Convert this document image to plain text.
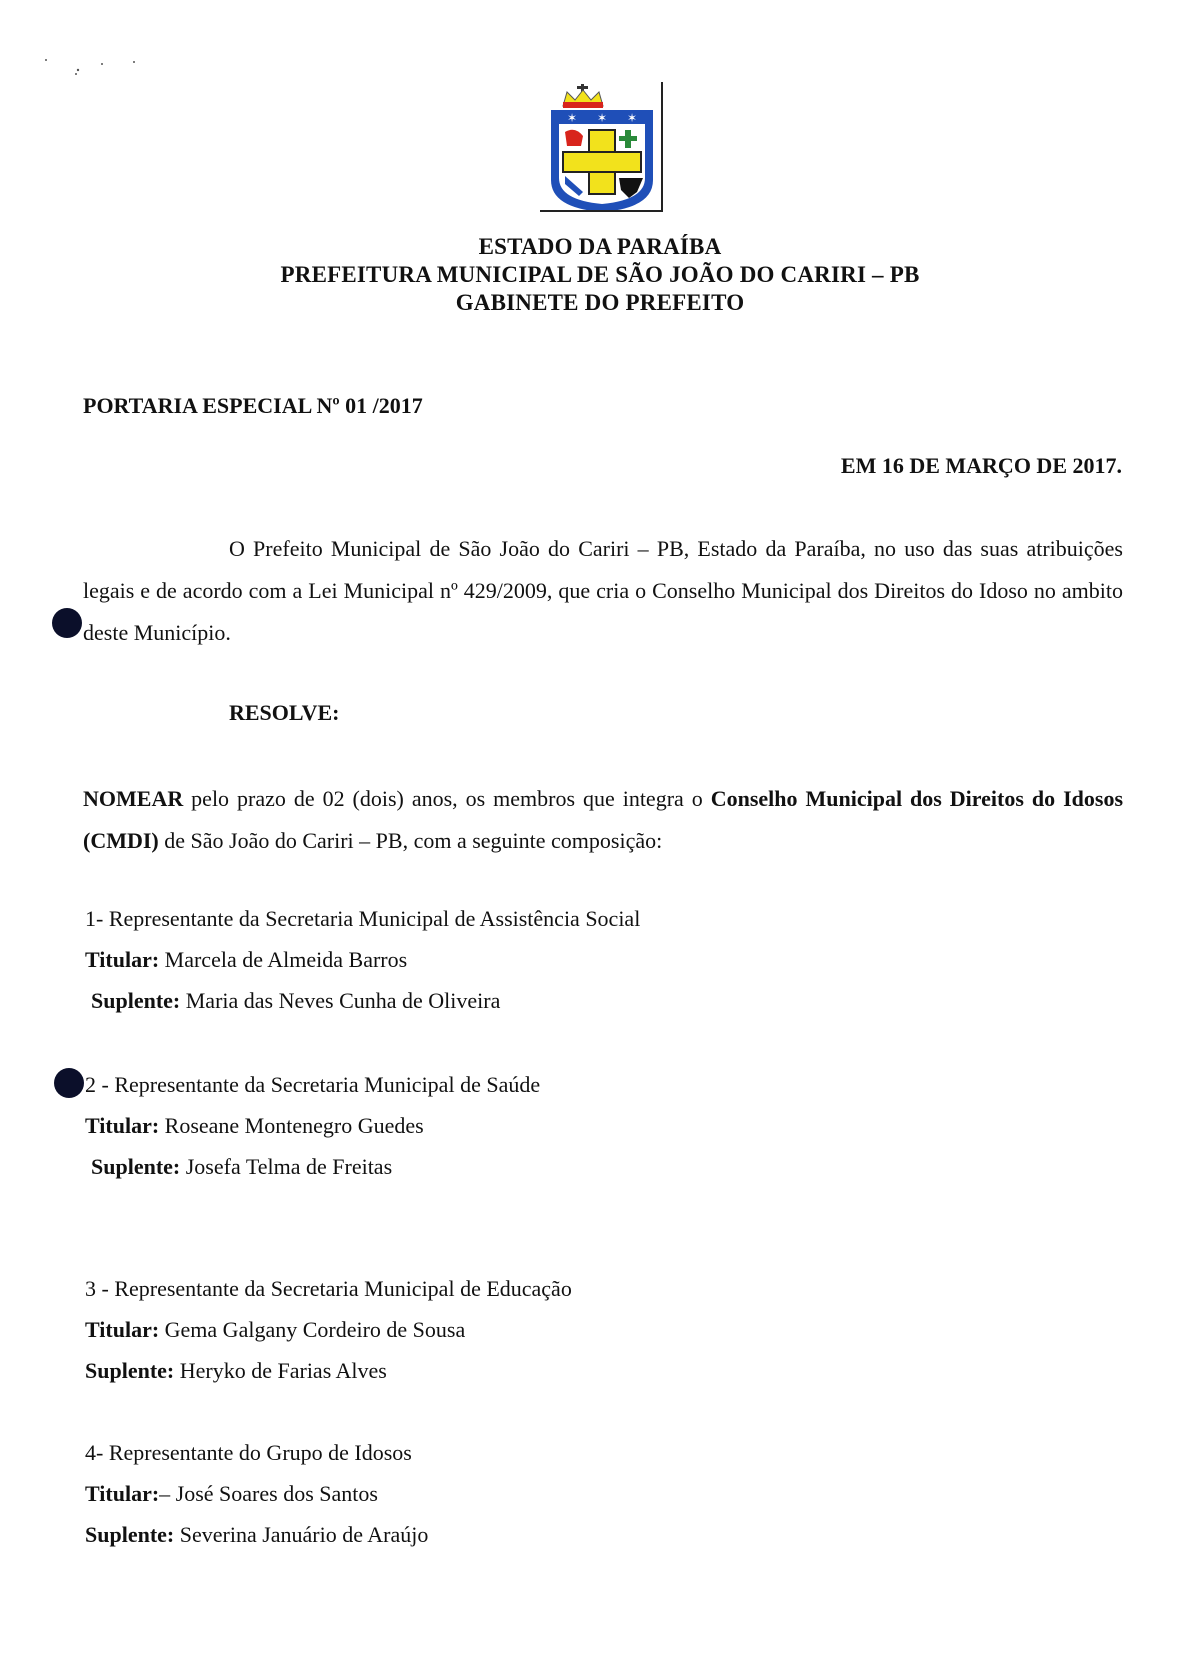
✶ ✶ ✶
ESTADO DA PARAÍBA
PREFEITURA MUNICIPAL DE SÃO JOÃO DO CARIRI – PB
GABINETE DO PREFEITO
PORTARIA ESPECIAL Nº 01 /2017
EM 16 DE MARÇO DE 2017.
O Prefeito Municipal de São João do Cariri – PB, Estado da Paraíba, no uso das suas atribuições legais e de acordo com a Lei Municipal nº 429/2009, que cria o Conselho Municipal dos Direitos do Idoso no ambito deste Município.
RESOLVE:
NOMEAR pelo prazo de 02 (dois) anos, os membros que integra o Conselho Municipal dos Direitos do Idosos (CMDI) de São João do Cariri – PB, com a seguinte composição:
1- Representante da Secretaria Municipal de Assistência Social
Titular: Marcela de Almeida Barros
Suplente: Maria das Neves Cunha de Oliveira
2 - Representante da Secretaria Municipal de Saúde
Titular: Roseane Montenegro Guedes
Suplente: Josefa Telma de Freitas
3 - Representante da Secretaria Municipal de Educação
Titular: Gema Galgany Cordeiro de Sousa
Suplente: Heryko de Farias Alves
4- Representante do Grupo de Idosos
Titular:– José Soares dos Santos
Suplente: Severina Januário de Araújo
